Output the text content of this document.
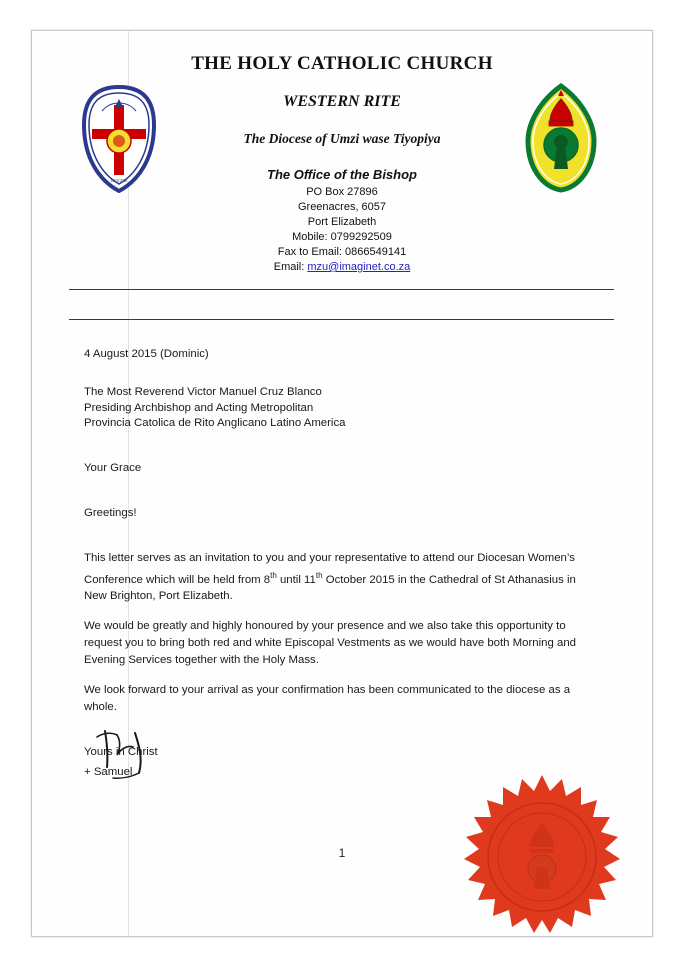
DIOCESE
THE HOLY CATHOLIC CHURCH
WESTERN RITE
The Diocese of Umzi wase Tiyopiya
The Office of the Bishop
PO Box 27896
Greenacres, 6057
Port Elizabeth
Mobile: 0799292509
Fax to Email: 0866549141
Email: mzu@imaginet.co.za

4 August 2015 (Dominic)

The Most Reverend Victor Manuel Cruz Blanco
Presiding Archbishop and Acting Metropolitan
Provincia Catolica de Rito Anglicano Latino America

Your Grace

Greetings!

This letter serves as an invitation to you and your representative to attend our Diocesan Women’s Conference which will be held from 8th until 11th October 2015 in the Cathedral of St Athanasius in New Brighton, Port Elizabeth.

We would be greatly and highly honoured by your presence and we also take this opportunity to request you to bring both red and white Episcopal Vestments as we would have both Morning and Evening Services together with the Holy Mass.

We look forward to your arrival as your confirmation has been communicated to the diocese as a whole.

Yours in Christ

+ Samuel
1
